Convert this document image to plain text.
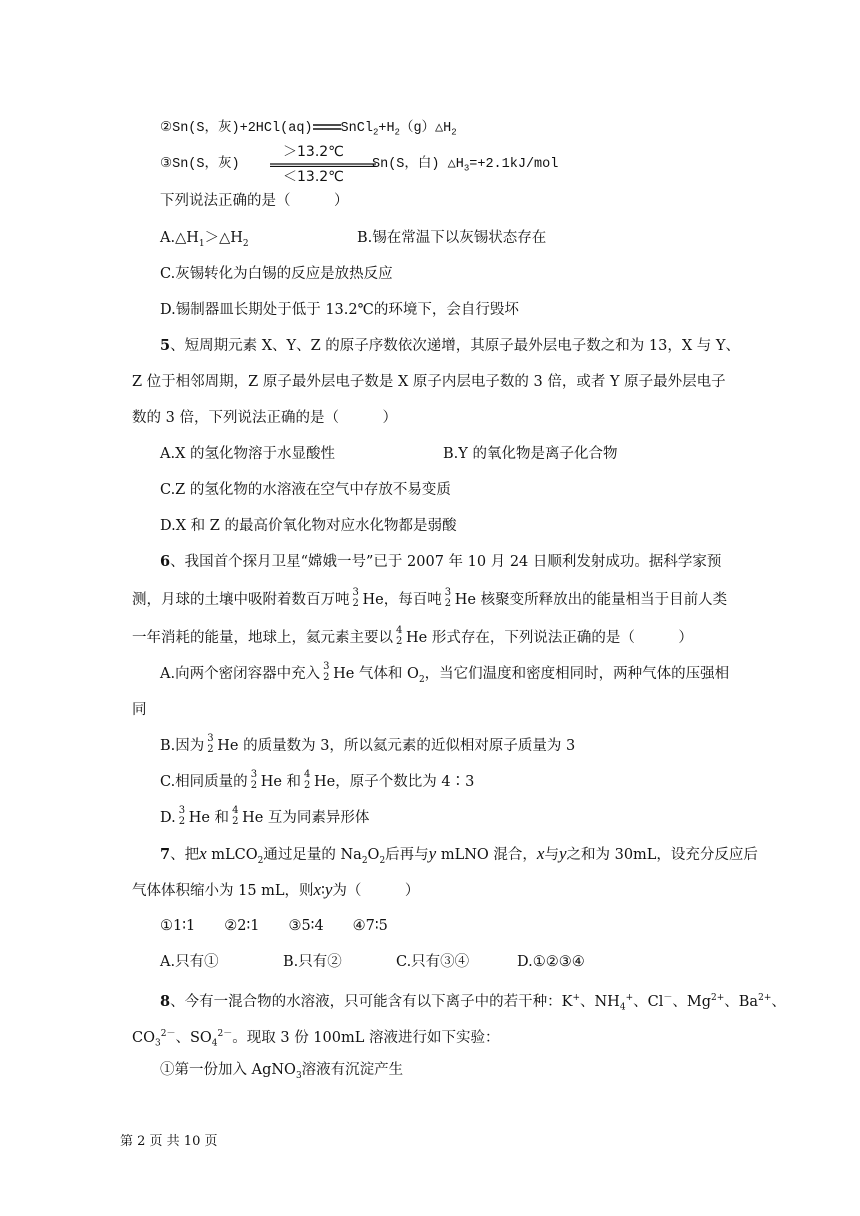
②Sn(S，灰)+2HCl(aq) $SnCl_2+H_2(g)\triangle H_2$
③Sn(S，灰)
＞13.2℃
＜13.2℃
Sn(S，白) $\triangle H_3=+2.1kJ$/mol
下列说法正确的是（　　　）
$A.\triangle H_1>\triangle H_2$	B.锡在常温下以灰锡状态存在
C.灰锡转化为白锡的反应是放热反应
D.锡制器皿长期处于低于 13.2℃的环境下，会自行毁坏
5、短周期元素 X、Y、Z 的原子序数依次递增，其原子最外层电子数之和为 13，X 与 Y、
Z 位于相邻周期，Z 原子最外层电子数是 X 原子内层电子数的 3 倍，或者 Y 原子最外层电子
数的 3 倍，下列说法正确的是（　　　）
A.X 的氢化物溶于水显酸性	B.Y 的氧化物是离子化合物
C.Z 的氢化物的水溶液在空气中存放不易变质
D.X 和 Z 的最高价氧化物对应水化物都是弱酸
6、我国首个探月卫星“嫦娥一号”已于 2007 年 10 月 24 日顺利发射成功。据科学家预
测，月球的土壤中吸附着数百万吨 3
2 He，每百吨 3
2 He 核聚变所释放出的能量相当于目前人类
一年消耗的能量，地球上，氦元素主要以 4
2 He 形式存在，下列说法正确的是（　　　）
A.向两个密闭容器中充入 3
2 He 气体和 $O_2$，当它们温度和密度相同时，两种气体的压强相
同
B.因为 3
2 He 的质量数为 3，所以氦元素的近似相对原子质量为 3
C.相同质量的 3
2 He 和 4
2 He，原子个数比为 4∶3
D. 3
2 He 和 4
2 He 互为同素异形体
7、把x mLCO$_2$通过足量的 $Na_2O_2$后再与y mLNO 混合，x与y之和为 30mL，设充分反应后
气体体积缩小为 15 mL，则x∶y为（　　　）
①1∶1　　②2∶1　　③5∶4　　④7∶5
A.只有①	B.只有②	C.只有③④	D.①②③④
8、今有一混合物的水溶液，只可能含有以下离子中的若干种：K+、$NH_4^+$、Cl－、$Mg^{2+}$、$Ba^{2+}$、
$CO_3^{2-}$、$SO_4^{2-}$。现取 3 份 100mL 溶液进行如下实验：
①第一份加入 AgNO$_3$溶液有沉淀产生
第 2 页 共 10 页
